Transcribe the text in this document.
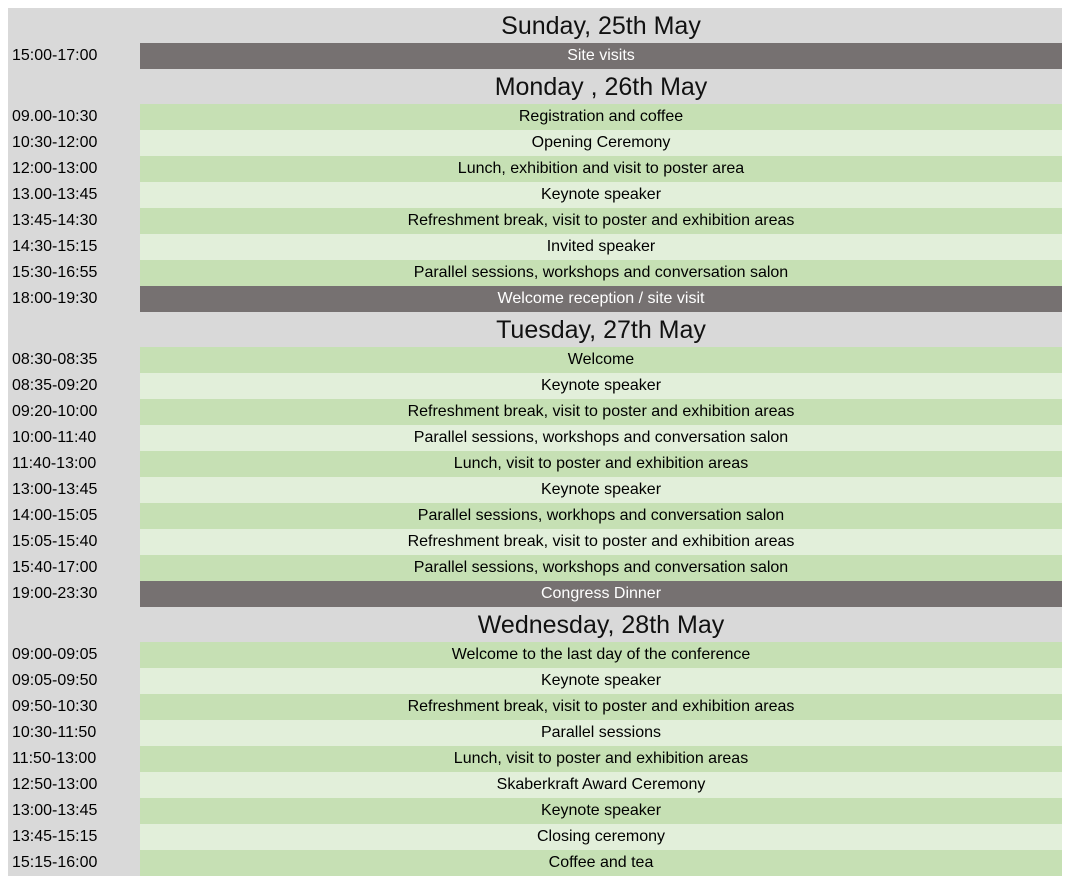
Sunday, 25th May
15:00-17:00	Site visits
Monday , 26th May
09.00-10:30	Registration and coffee
10:30-12:00	Opening Ceremony
12:00-13:00	Lunch, exhibition and visit to poster area
13.00-13:45	Keynote speaker
13:45-14:30	Refreshment break, visit to poster and exhibition areas
14:30-15:15	Invited speaker
15:30-16:55	Parallel sessions, workshops and conversation salon
18:00-19:30	Welcome reception / site visit
Tuesday, 27th May
08:30-08:35	Welcome
08:35-09:20	Keynote speaker
09:20-10:00	Refreshment break, visit to poster and exhibition areas
10:00-11:40	Parallel sessions, workshops and conversation salon
11:40-13:00	Lunch, visit to poster and exhibition areas
13:00-13:45	Keynote speaker
14:00-15:05	Parallel sessions, workhops and conversation salon
15:05-15:40	Refreshment break, visit to poster and exhibition areas
15:40-17:00	Parallel sessions, workshops and conversation salon
19:00-23:30	Congress Dinner
Wednesday, 28th May
09:00-09:05	Welcome to the last day of the conference
09:05-09:50	Keynote speaker
09:50-10:30	Refreshment break, visit to poster and exhibition areas
10:30-11:50	Parallel sessions
11:50-13:00	Lunch, visit to poster and exhibition areas
12:50-13:00	Skaberkraft Award Ceremony
13:00-13:45	Keynote speaker
13:45-15:15	Closing ceremony
15:15-16:00	Coffee and tea
